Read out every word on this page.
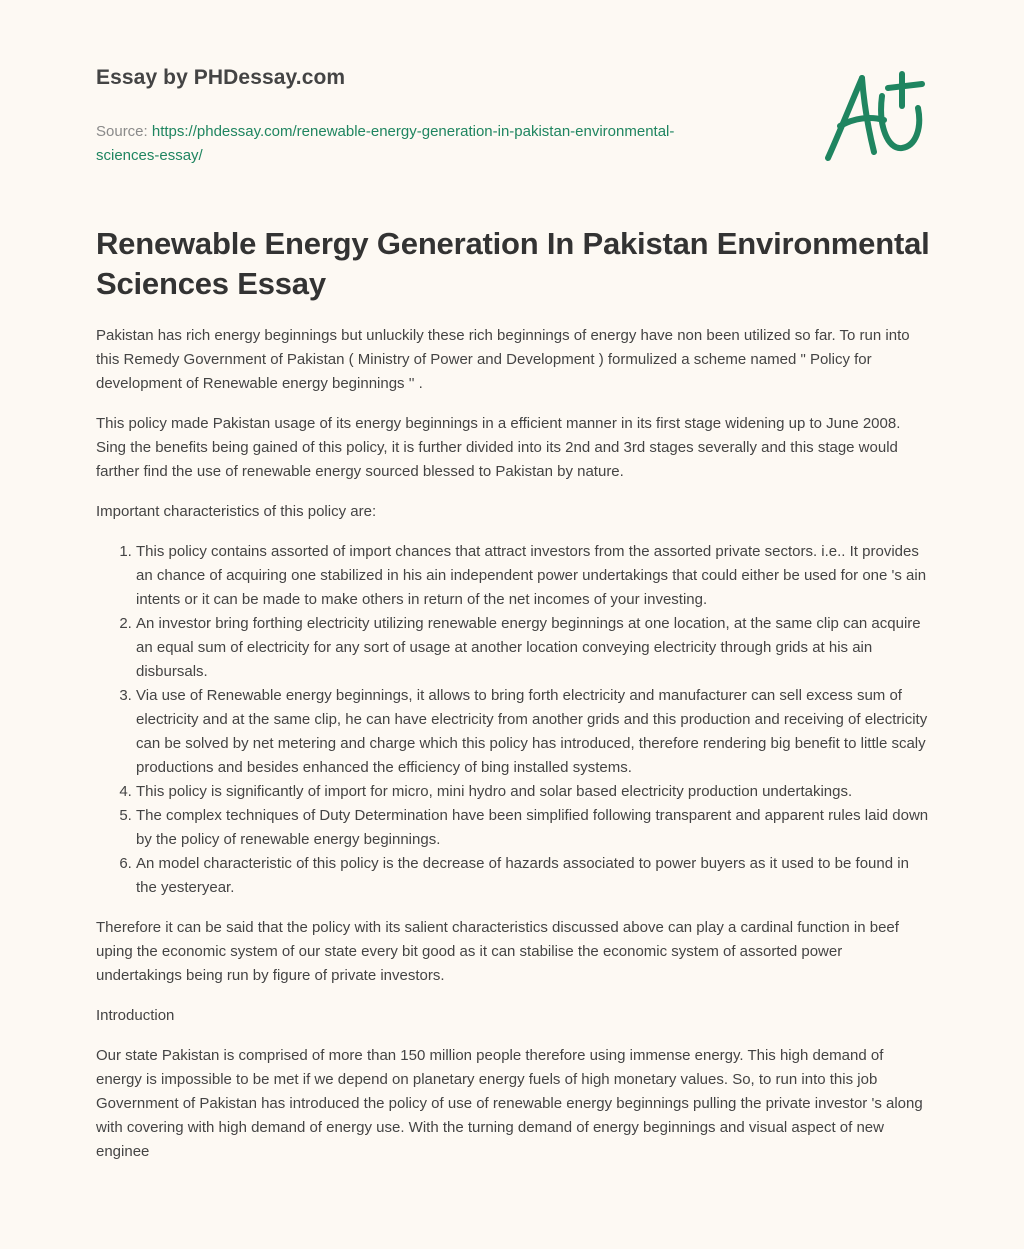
Essay by PHDessay.com

Source: https://phdessay.com/renewable-energy-generation-in-pakistan-environmental-
sciences-essay/
Renewable Energy Generation In Pakistan Environmental Sciences Essay

Pakistan has rich energy beginnings but unluckily these rich beginnings of energy have non been utilized so far. To run into this Remedy Government of Pakistan ( Ministry of Power and Development ) formulized a scheme named " Policy for development of Renewable energy beginnings '' .

This policy made Pakistan usage of its energy beginnings in a efficient manner in its first stage widening up to June 2008. Sing the benefits being gained of this policy, it is further divided into its 2nd and 3rd stages severally and this stage would farther find the use of renewable energy sourced blessed to Pakistan by nature.

Important characteristics of this policy are:

1. This policy contains assorted of import chances that attract investors from the assorted private sectors. i.e.. It provides an chance of acquiring one stabilized in his ain independent power undertakings that could either be used for one 's ain intents or it can be made to make others in return of the net incomes of your investing.
2. An investor bring forthing electricity utilizing renewable energy beginnings at one location, at the same clip can acquire an equal sum of electricity for any sort of usage at another location conveying electricity through grids at his ain disbursals.
3. Via use of Renewable energy beginnings, it allows to bring forth electricity and manufacturer can sell excess sum of electricity and at the same clip, he can have electricity from another grids and this production and receiving of electricity can be solved by net metering and charge which this policy has introduced, therefore rendering big benefit to little scaly productions and besides enhanced the efficiency of bing installed systems.
4. This policy is significantly of import for micro, mini hydro and solar based electricity production undertakings.
5. The complex techniques of Duty Determination have been simplified following transparent and apparent rules laid down by the policy of renewable energy beginnings.
6. An model characteristic of this policy is the decrease of hazards associated to power buyers as it used to be found in the yesteryear.

Therefore it can be said that the policy with its salient characteristics discussed above can play a cardinal function in beef uping the economic system of our state every bit good as it can stabilise the economic system of assorted power undertakings being run by figure of private investors.

Introduction

Our state Pakistan is comprised of more than 150 million people therefore using immense energy. This high demand of energy is impossible to be met if we depend on planetary energy fuels of high monetary values. So, to run into this job Government of Pakistan has introduced the policy of use of renewable energy beginnings pulling the private investor 's along with covering with high demand of energy use. With the turning demand of energy beginnings and visual aspect of new enginee
